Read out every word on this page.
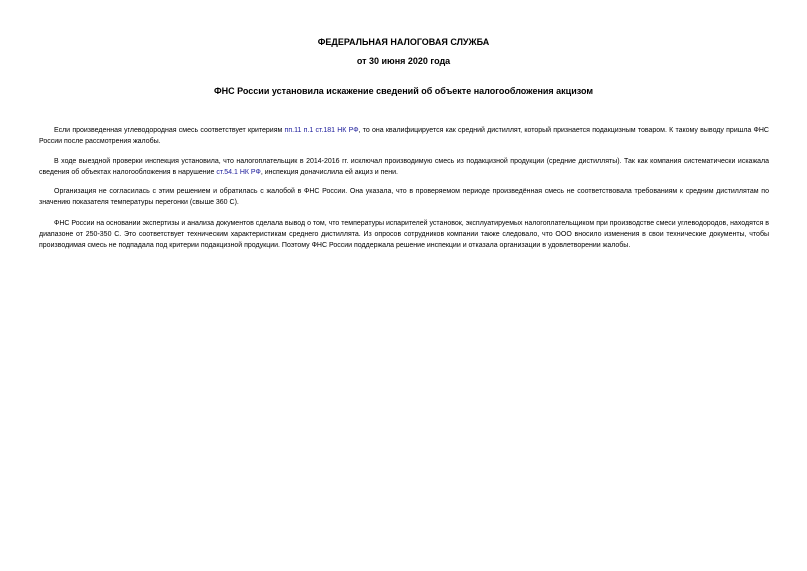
ФЕДЕРАЛЬНАЯ НАЛОГОВАЯ СЛУЖБА
от 30 июня 2020 года
ФНС России установила искажение сведений об объекте налогообложения акцизом

Если произведенная углеводородная смесь соответствует критериям пп.11 п.1 ст.181 НК РФ, то она квалифицируется как средний дистиллят, который признается подакцизным товаром. К такому выводу пришла ФНС России после рассмотрения жалобы.

В ходе выездной проверки инспекция установила, что налогоплательщик в 2014-2016 гг. исключал производимую смесь из подакцизной продукции (средние дистилляты). Так как компания систематически искажала сведения об объектах налогообложения в нарушение ст.54.1 НК РФ, инспекция доначислила ей акциз и пени.

Организация не согласилась с этим решением и обратилась с жалобой в ФНС России. Она указала, что в проверяемом периоде произведённая смесь не соответствовала требованиям к средним дистиллятам по значению показателя температуры перегонки (свыше 360 С).

ФНС России на основании экспертизы и анализа документов сделала вывод о том, что температуры испарителей установок, эксплуатируемых налогоплательщиком при производстве смеси углеводородов, находятся в диапазоне от 250-350 С. Это соответствует техническим характеристикам среднего дистиллята. Из опросов сотрудников компании также следовало, что ООО вносило изменения в свои технические документы, чтобы производимая смесь не подпадала под критерии подакцизной продукции. Поэтому ФНС России поддержала решение инспекции и отказала организации в удовлетворении жалобы.
